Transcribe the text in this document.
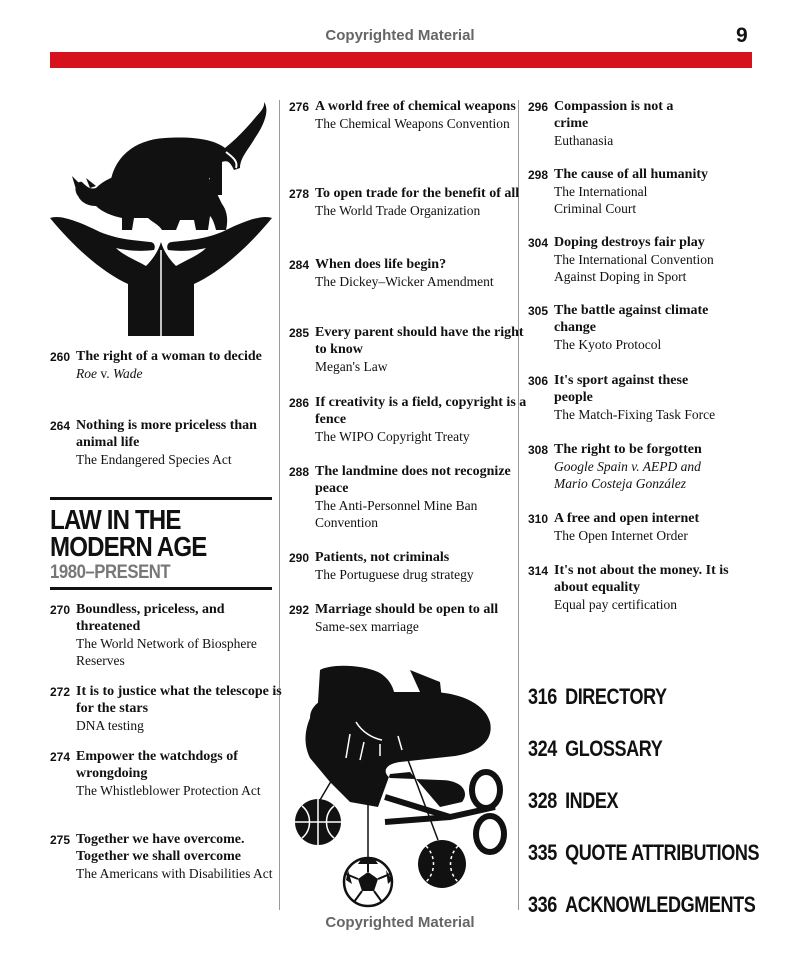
Copyrighted Material	9
260 The right of a woman to decide
Roe v. Wade
264 Nothing is more priceless than animal life
The Endangered Species Act
LAW IN THE
MODERN AGE
1980–PRESENT
270 Boundless, priceless, and threatened
The World Network of Biosphere Reserves
272 It is to justice what the telescope is for the stars
DNA testing
274 Empower the watchdogs of wrongdoing
The Whistleblower Protection Act
275 Together we have overcome. Together we shall overcome
The Americans with Disabilities Act
276 A world free of chemical weapons
The Chemical Weapons Convention
278 To open trade for the benefit of all
The World Trade Organization
284 When does life begin?
The Dickey–Wicker Amendment
285 Every parent should have the right to know
Megan's Law
286 If creativity is a field, copyright is a fence
The WIPO Copyright Treaty
288 The landmine does not recognize peace
The Anti-Personnel Mine Ban Convention
290 Patients, not criminals
The Portuguese drug strategy
292 Marriage should be open to all
Same-sex marriage
296 Compassion is not a crime
Euthanasia
298 The cause of all humanity
The International Criminal Court
304 Doping destroys fair play
The International Convention Against Doping in Sport
305 The battle against climate change
The Kyoto Protocol
306 It's sport against these people
The Match-Fixing Task Force
308 The right to be forgotten
Google Spain v. AEPD and Mario Costeja González
310 A free and open internet
The Open Internet Order
314 It's not about the money. It is about equality
Equal pay certification
316 DIRECTORY
324 GLOSSARY
328 INDEX
335 QUOTE ATTRIBUTIONS
336 ACKNOWLEDGMENTS
Copyrighted Material
